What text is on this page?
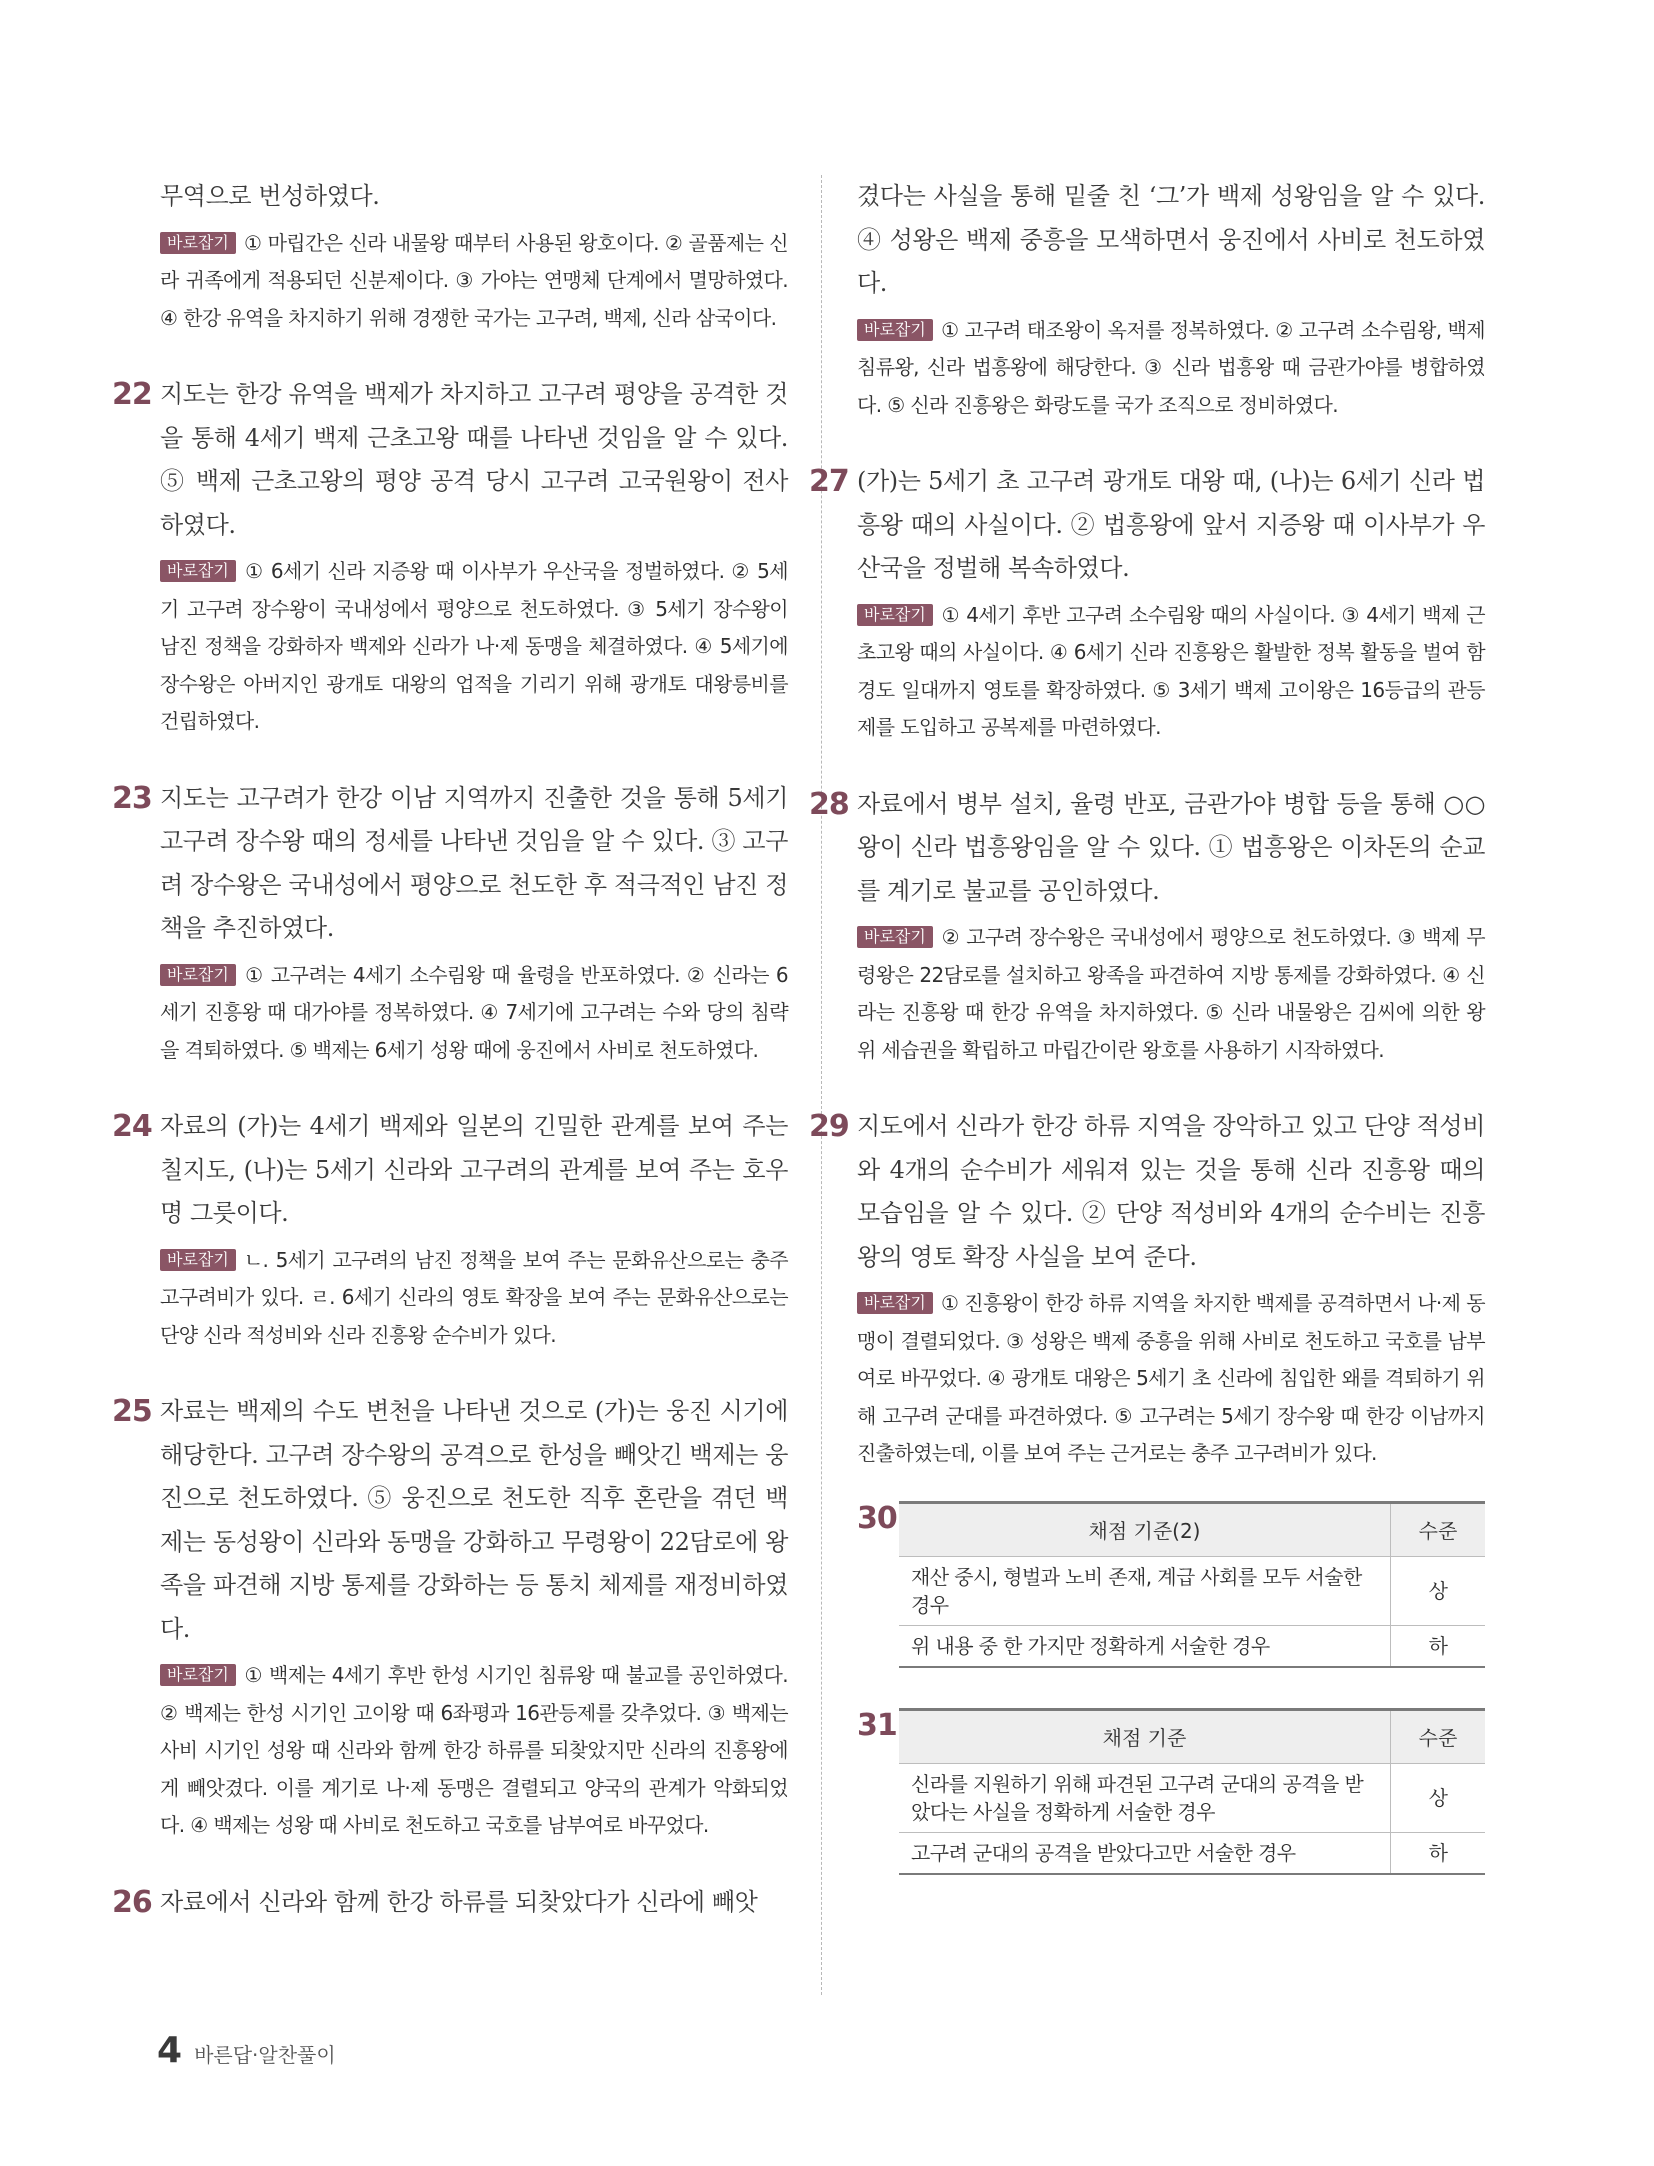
무역으로 번성하였다.

바로잡기 ① 마립간은 신라 내물왕 때부터 사용된 왕호이다. ② 골품제는 신라 귀족에게 적용되던 신분제이다. ③ 가야는 연맹체 단계에서 멸망하였다. ④ 한강 유역을 차지하기 위해 경쟁한 국가는 고구려, 백제, 신라 삼국이다.

22 지도는 한강 유역을 백제가 차지하고 고구려 평양을 공격한 것을 통해 4세기 백제 근초고왕 때를 나타낸 것임을 알 수 있다. ⑤ 백제 근초고왕의 평양 공격 당시 고구려 고국원왕이 전사하였다.

바로잡기 ① 6세기 신라 지증왕 때 이사부가 우산국을 정벌하였다. ② 5세기 고구려 장수왕이 국내성에서 평양으로 천도하였다. ③ 5세기 장수왕이 남진 정책을 강화하자 백제와 신라가 나·제 동맹을 체결하였다. ④ 5세기에 장수왕은 아버지인 광개토 대왕의 업적을 기리기 위해 광개토 대왕릉비를 건립하였다.

23 지도는 고구려가 한강 이남 지역까지 진출한 것을 통해 5세기 고구려 장수왕 때의 정세를 나타낸 것임을 알 수 있다. ③ 고구려 장수왕은 국내성에서 평양으로 천도한 후 적극적인 남진 정책을 추진하였다.

바로잡기 ① 고구려는 4세기 소수림왕 때 율령을 반포하였다. ② 신라는 6세기 진흥왕 때 대가야를 정복하였다. ④ 7세기에 고구려는 수와 당의 침략을 격퇴하였다. ⑤ 백제는 6세기 성왕 때에 웅진에서 사비로 천도하였다.

24 자료의 (가)는 4세기 백제와 일본의 긴밀한 관계를 보여 주는 칠지도, (나)는 5세기 신라와 고구려의 관계를 보여 주는 호우명 그릇이다.

바로잡기 ㄴ. 5세기 고구려의 남진 정책을 보여 주는 문화유산으로는 충주 고구려비가 있다. ㄹ. 6세기 신라의 영토 확장을 보여 주는 문화유산으로는 단양 신라 적성비와 신라 진흥왕 순수비가 있다.

25 자료는 백제의 수도 변천을 나타낸 것으로 (가)는 웅진 시기에 해당한다. 고구려 장수왕의 공격으로 한성을 빼앗긴 백제는 웅진으로 천도하였다. ⑤ 웅진으로 천도한 직후 혼란을 겪던 백제는 동성왕이 신라와 동맹을 강화하고 무령왕이 22담로에 왕족을 파견해 지방 통제를 강화하는 등 통치 체제를 재정비하였다.

바로잡기 ① 백제는 4세기 후반 한성 시기인 침류왕 때 불교를 공인하였다. ② 백제는 한성 시기인 고이왕 때 6좌평과 16관등제를 갖추었다. ③ 백제는 사비 시기인 성왕 때 신라와 함께 한강 하류를 되찾았지만 신라의 진흥왕에게 빼앗겼다. 이를 계기로 나·제 동맹은 결렬되고 양국의 관계가 악화되었다. ④ 백제는 성왕 때 사비로 천도하고 국호를 남부여로 바꾸었다.

26 자료에서 신라와 함께 한강 하류를 되찾았다가 신라에 빼앗

겼다는 사실을 통해 밑줄 친 ‘그’가 백제 성왕임을 알 수 있다. ④ 성왕은 백제 중흥을 모색하면서 웅진에서 사비로 천도하였다.

바로잡기 ① 고구려 태조왕이 옥저를 정복하였다. ② 고구려 소수림왕, 백제 침류왕, 신라 법흥왕에 해당한다. ③ 신라 법흥왕 때 금관가야를 병합하였다. ⑤ 신라 진흥왕은 화랑도를 국가 조직으로 정비하였다.

27 (가)는 5세기 초 고구려 광개토 대왕 때, (나)는 6세기 신라 법흥왕 때의 사실이다. ② 법흥왕에 앞서 지증왕 때 이사부가 우산국을 정벌해 복속하였다.

바로잡기 ① 4세기 후반 고구려 소수림왕 때의 사실이다. ③ 4세기 백제 근초고왕 때의 사실이다. ④ 6세기 신라 진흥왕은 활발한 정복 활동을 벌여 함경도 일대까지 영토를 확장하였다. ⑤ 3세기 백제 고이왕은 16등급의 관등제를 도입하고 공복제를 마련하였다.

28 자료에서 병부 설치, 율령 반포, 금관가야 병합 등을 통해 ○○왕이 신라 법흥왕임을 알 수 있다. ① 법흥왕은 이차돈의 순교를 계기로 불교를 공인하였다.

바로잡기 ② 고구려 장수왕은 국내성에서 평양으로 천도하였다. ③ 백제 무령왕은 22담로를 설치하고 왕족을 파견하여 지방 통제를 강화하였다. ④ 신라는 진흥왕 때 한강 유역을 차지하였다. ⑤ 신라 내물왕은 김씨에 의한 왕위 세습권을 확립하고 마립간이란 왕호를 사용하기 시작하였다.

29 지도에서 신라가 한강 하류 지역을 장악하고 있고 단양 적성비와 4개의 순수비가 세워져 있는 것을 통해 신라 진흥왕 때의 모습임을 알 수 있다. ② 단양 적성비와 4개의 순수비는 진흥왕의 영토 확장 사실을 보여 준다.

바로잡기 ① 진흥왕이 한강 하류 지역을 차지한 백제를 공격하면서 나·제 동맹이 결렬되었다. ③ 성왕은 백제 중흥을 위해 사비로 천도하고 국호를 남부여로 바꾸었다. ④ 광개토 대왕은 5세기 초 신라에 침입한 왜를 격퇴하기 위해 고구려 군대를 파견하였다. ⑤ 고구려는 5세기 장수왕 때 한강 이남까지 진출하였는데, 이를 보여 주는 근거로는 충주 고구려비가 있다.

30	채점 기준(2)	수준
재산 중시, 형벌과 노비 존재, 계급 사회를 모두 서술한 경우	상
위 내용 중 한 가지만 정확하게 서술한 경우	하
31	채점 기준	수준
신라를 지원하기 위해 파견된 고구려 군대의 공격을 받았다는 사실을 정확하게 서술한 경우	상
고구려 군대의 공격을 받았다고만 서술한 경우	하
4 바른답·알찬풀이
